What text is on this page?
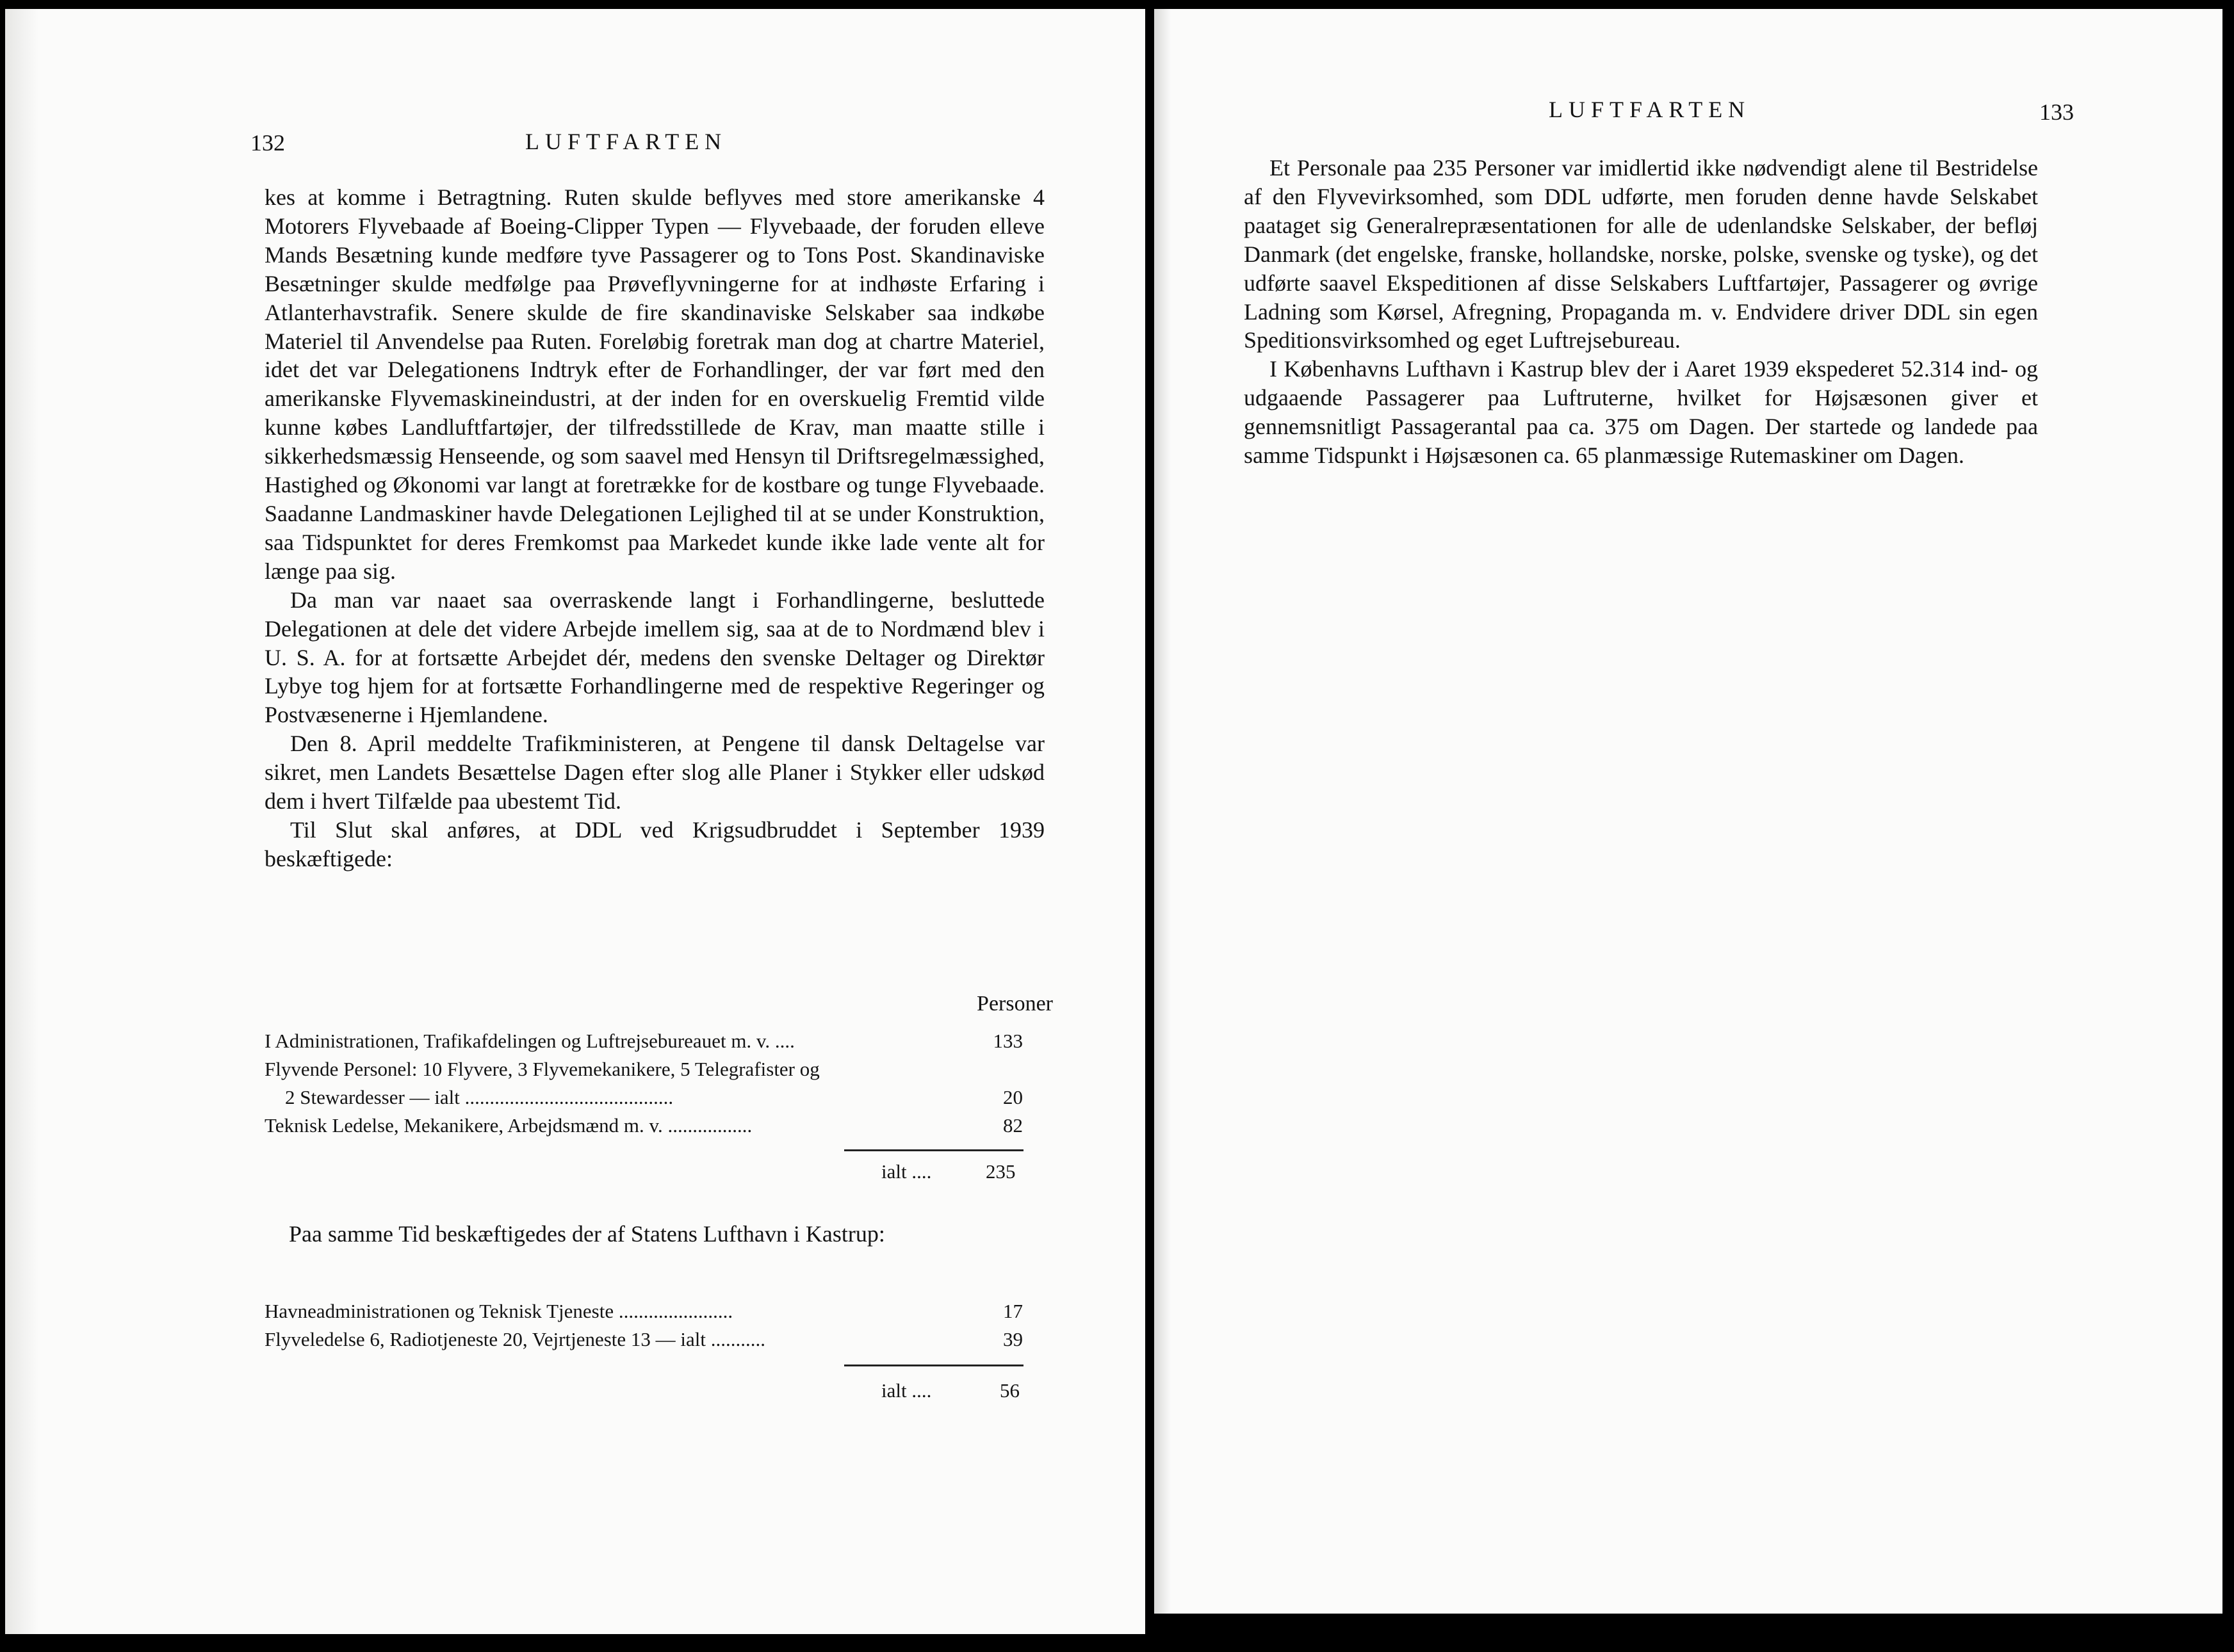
132	LUFTFARTEN

kes at komme i Betragtning. Ruten skulde beflyves med store amerikanske 4 Motorers Flyvebaade af Boeing-Clipper Typen — Flyvebaade, der foruden elleve Mands Besætning kunde medføre tyve Passagerer og to Tons Post. Skandinaviske Besætninger skulde medfølge paa Prøveflyvningerne for at indhøste Erfaring i Atlanterhavstrafik. Senere skulde de fire skandinaviske Selskaber saa indkøbe Materiel til Anvendelse paa Ruten. Foreløbig foretrak man dog at chartre Materiel, idet det var Delegationens Indtryk efter de Forhandlinger, der var ført med den amerikanske Flyvemaskineindustri, at der inden for en overskuelig Fremtid vilde kunne købes Landluftfartøjer, der tilfredsstillede de Krav, man maatte stille i sikkerhedsmæssig Henseende, og som saavel med Hensyn til Driftsregelmæssighed, Hastighed og Økonomi var langt at foretrække for de kostbare og tunge Flyvebaade. Saadanne Landmaskiner havde Delegationen Lejlighed til at se under Konstruktion, saa Tidspunktet for deres Fremkomst paa Markedet kunde ikke lade vente alt for længe paa sig.

Da man var naaet saa overraskende langt i Forhandlingerne, besluttede Delegationen at dele det videre Arbejde imellem sig, saa at de to Nordmænd blev i U. S. A. for at fortsætte Arbejdet dér, medens den svenske Deltager og Direktør Lybye tog hjem for at fortsætte Forhandlingerne med de respektive Regeringer og Postvæsenerne i Hjemlandene.

Den 8. April meddelte Trafikministeren, at Pengene til dansk Deltagelse var sikret, men Landets Besættelse Dagen efter slog alle Planer i Stykker eller udskød dem i hvert Tilfælde paa ubestemt Tid.

Til Slut skal anføres, at DDL ved Krigsudbruddet i September 1939 beskæftigede:

Personer
I Administrationen, Trafikafdelingen og Luftrejsebureauet m. v. ....	133
Flyvende Personel: 10 Flyvere, 3 Flyvemekanikere, 5 Telegrafister og
2 Stewardesser — ialt ..........................................	20
Teknisk Ledelse, Mekanikere, Arbejdsmænd m. v. .................	82
ialt ....	235
Paa samme Tid beskæftigedes der af Statens Lufthavn i Kastrup:
Havneadministrationen og Teknisk Tjeneste .......................	17
Flyveledelse 6, Radiotjeneste 20, Vejrtjeneste 13 — ialt ...........	39
ialt ....	56
LUFTFARTEN	133

Et Personale paa 235 Personer var imidlertid ikke nødvendigt alene til Bestridelse af den Flyvevirksomhed, som DDL udførte, men foruden denne havde Selskabet paataget sig Generalrepræsentationen for alle de udenlandske Selskaber, der befløj Danmark (det engelske, franske, hollandske, norske, polske, svenske og tyske), og det udførte saavel Ekspeditionen af disse Selskabers Luftfartøjer, Passagerer og øvrige Ladning som Kørsel, Afregning, Propaganda m. v. Endvidere driver DDL sin egen Speditionsvirksomhed og eget Luftrejsebureau.

I Københavns Lufthavn i Kastrup blev der i Aaret 1939 ekspederet 52.314 ind- og udgaaende Passagerer paa Luftruterne, hvilket for Højsæsonen giver et gennemsnitligt Passagerantal paa ca. 375 om Dagen. Der startede og landede paa samme Tidspunkt i Højsæsonen ca. 65 planmæssige Rutemaskiner om Dagen.
